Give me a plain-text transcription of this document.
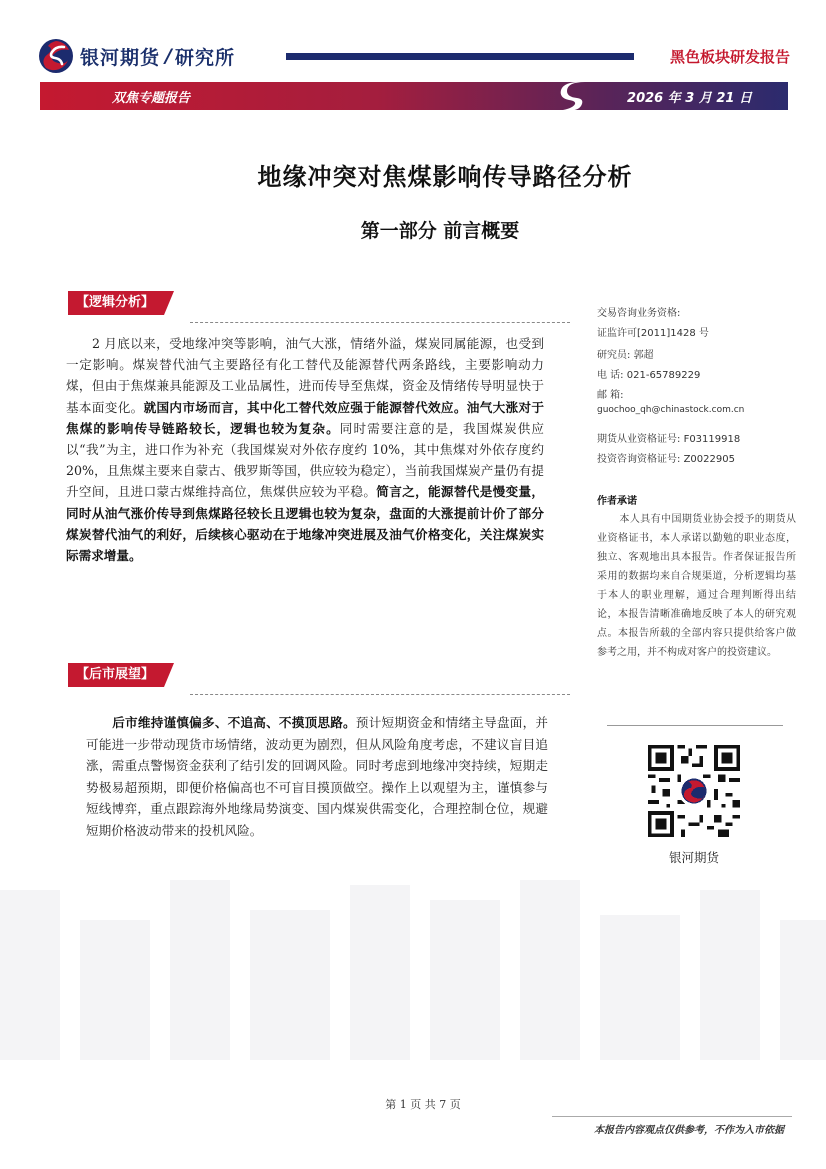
银河期货 / 研究所	黑色板块研发报告
双焦专题报告	2026 年 3 月 21 日
地缘冲突对焦煤影响传导路径分析
第一部分 前言概要
【逻辑分析】
2 月底以来，受地缘冲突等影响，油气大涨，情绪外溢，煤炭同属能源，也受到一定影响。煤炭替代油气主要路径有化工替代及能源替代两条路线，主要影响动力煤，但由于焦煤兼具能源及工业品属性，进而传导至焦煤，资金及情绪传导明显快于基本面变化。就国内市场而言，其中化工替代效应强于能源替代效应。油气大涨对于焦煤的影响传导链路较长，逻辑也较为复杂。同时需要注意的是，我国煤炭供应以“我”为主，进口作为补充（我国煤炭对外依存度约 10%，其中焦煤对外依存度约 20%，且焦煤主要来自蒙古、俄罗斯等国，供应较为稳定），当前我国煤炭产量仍有提升空间，且进口蒙古煤维持高位，焦煤供应较为平稳。简言之，能源替代是慢变量，同时从油气涨价传导到焦煤路径较长且逻辑也较为复杂，盘面的大涨提前计价了部分煤炭替代油气的利好，后续核心驱动在于地缘冲突进展及油气价格变化，关注煤炭实际需求增量。
【后市展望】
后市维持谨慎偏多、不追高、不摸顶思路。预计短期资金和情绪主导盘面，并可能进一步带动现货市场情绪，波动更为剧烈，但从风险角度考虑，不建议盲目追涨，需重点警惕资金获利了结引发的回调风险。同时考虑到地缘冲突持续，短期走势极易超预期，即便价格偏高也不可盲目摸顶做空。操作上以观望为主，谨慎参与短线博弈，重点跟踪海外地缘局势演变、国内煤炭供需变化，合理控制仓位，规避短期价格波动带来的投机风险。
交易咨询业务资格:
证监许可[2011]1428 号
研究员: 郭超
电 话: 021-65789229
邮 箱:
guochoo_qh@chinastock.com.cn
期货从业资格证号: F03119918
投资咨询资格证号: Z0022905
作者承诺
本人具有中国期货业协会授予的期货从业资格证书，本人承诺以勤勉的职业态度，独立、客观地出具本报告。作者保证报告所采用的数据均来自合规渠道，分析逻辑均基于本人的职业理解，通过合理判断得出结论，本报告清晰准确地反映了本人的研究观点。本报告所载的全部内容只提供给客户做参考之用，并不构成对客户的投资建议。
银河期货
第 1 页 共 7 页
本报告内容观点仅供参考，不作为入市依据
